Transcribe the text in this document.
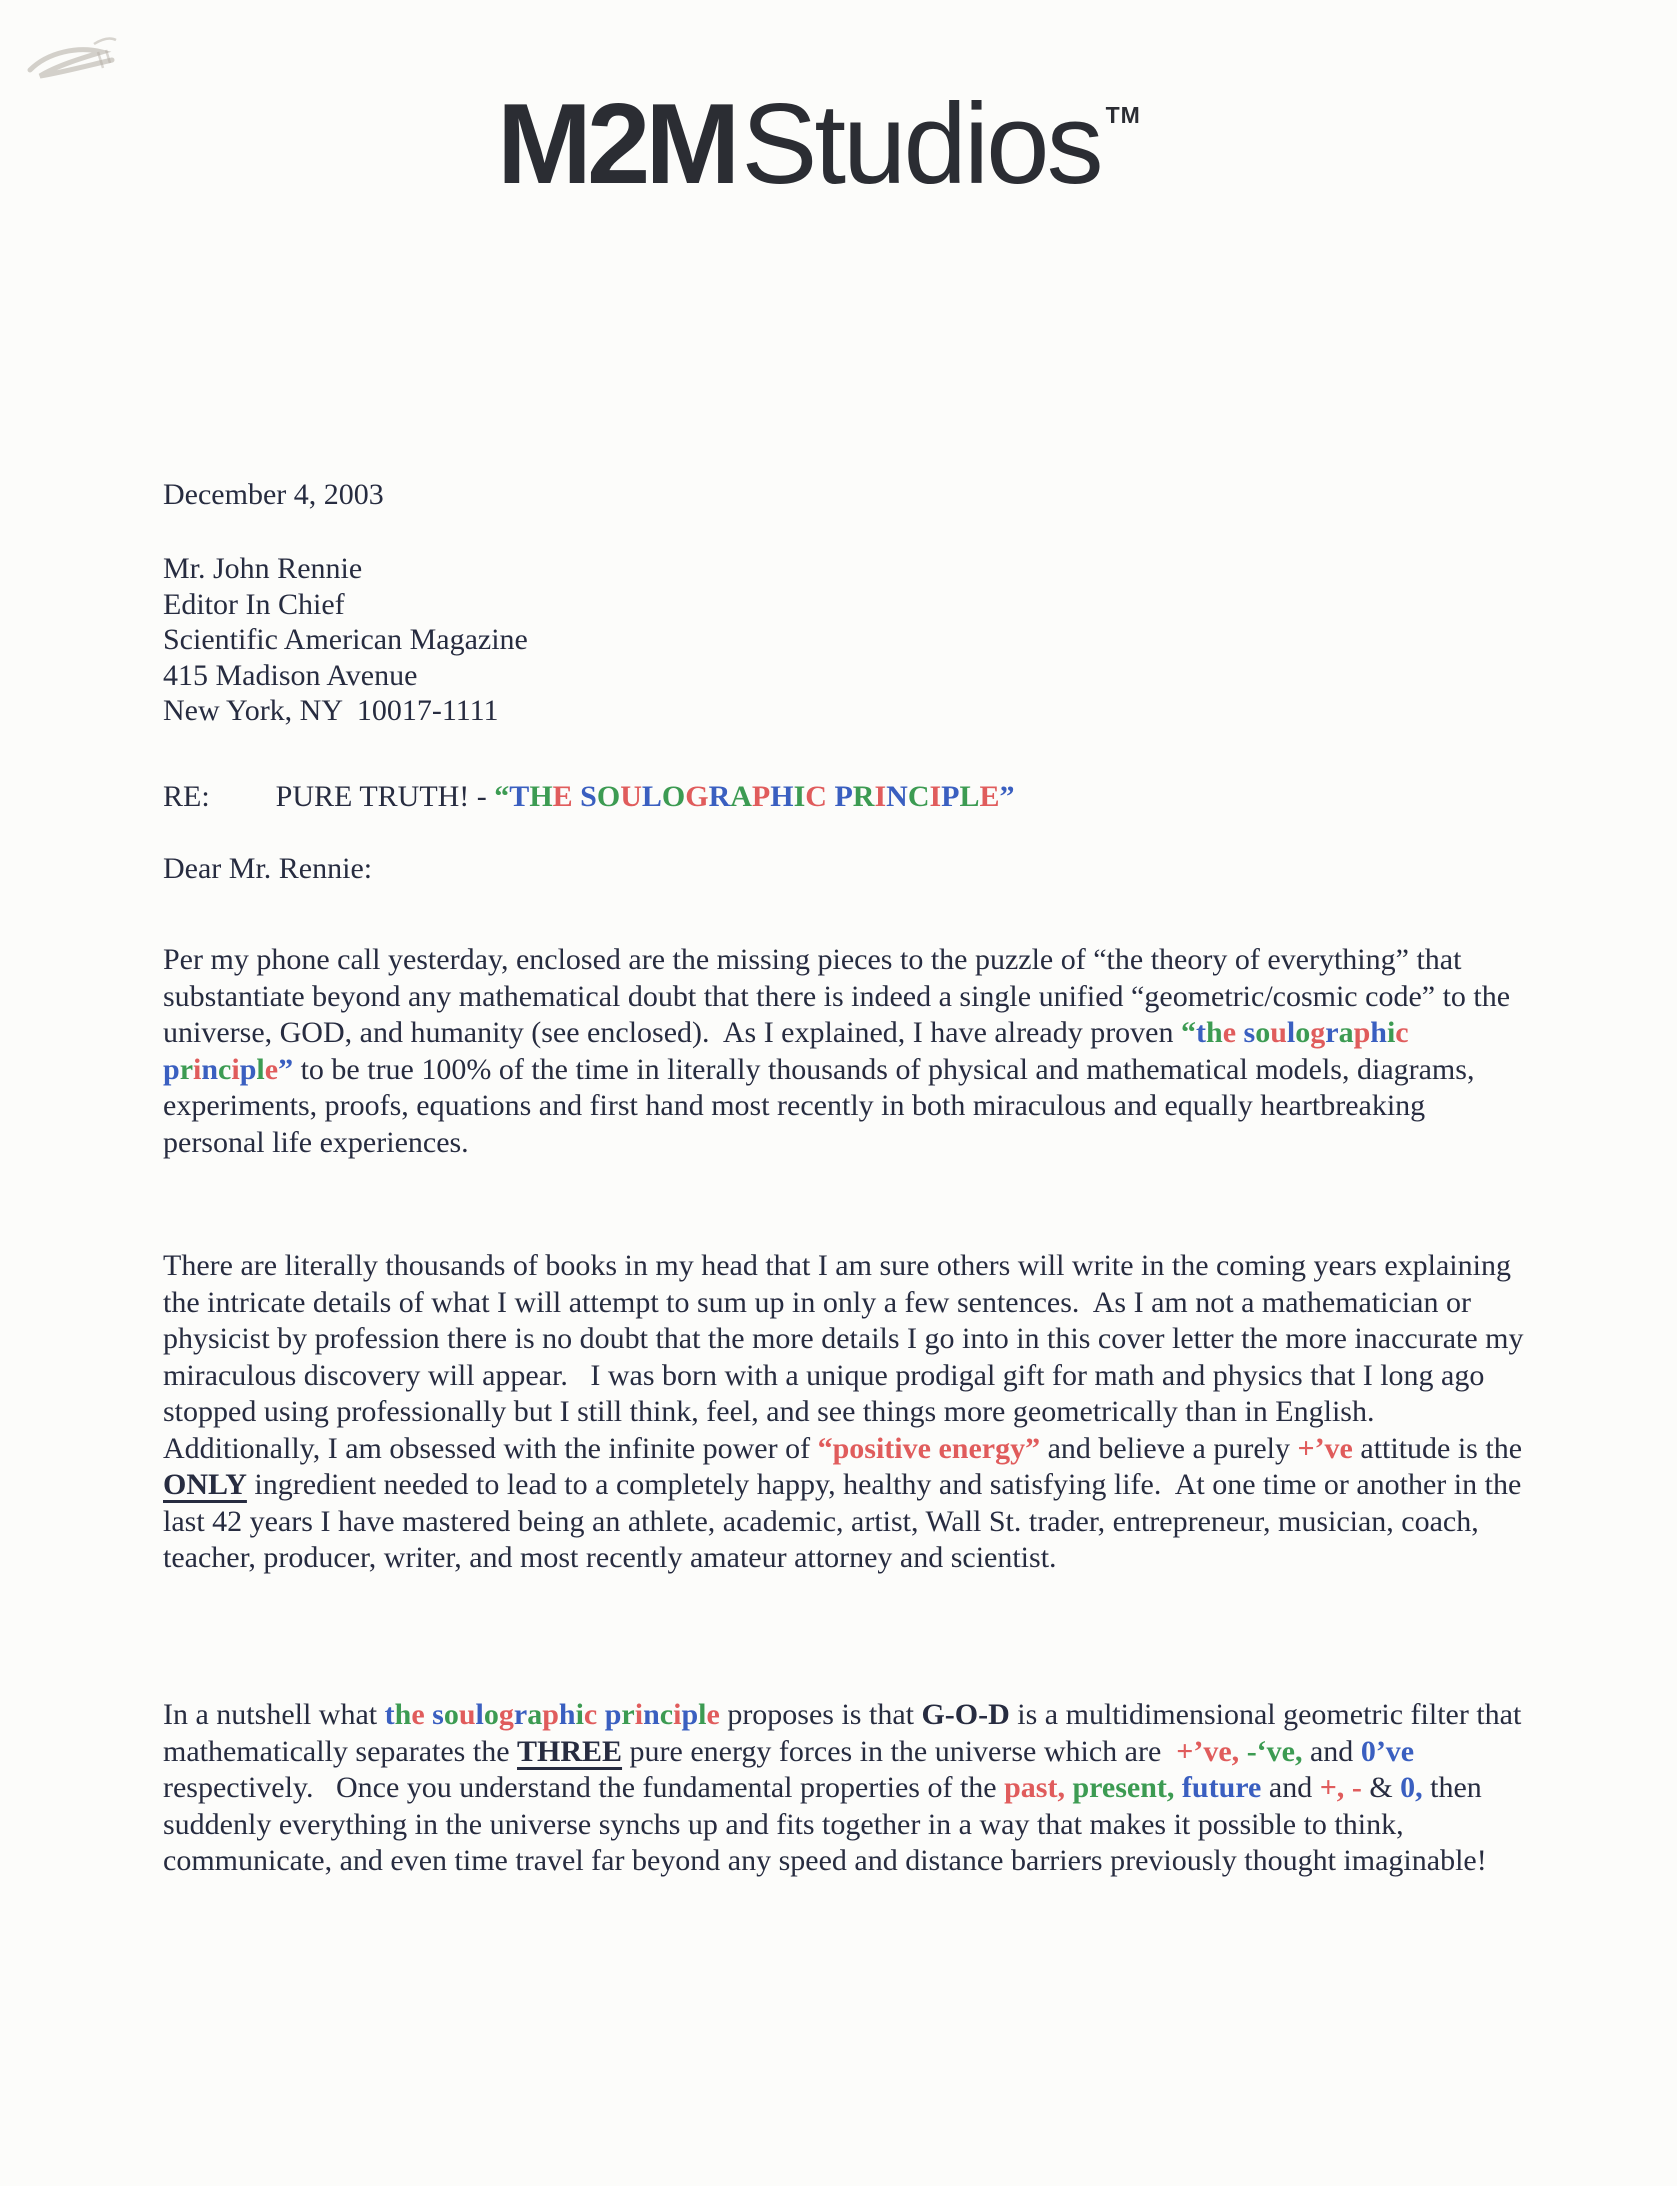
M2MStudios ™
December 4, 2003
Mr. John Rennie
Editor In Chief
Scientific American Magazine
415 Madison Avenue
New York, NY  10017-1111
RE: PURE TRUTH! - “THE SOULOGRAPHIC PRINCIPLE”
Dear Mr. Rennie:
Per my phone call yesterday, enclosed are the missing pieces to the puzzle of “the theory of everything” that substantiate beyond any mathematical doubt that there is indeed a single unified “geometric/cosmic code” to the universe, GOD, and humanity (see enclosed).  As I explained, I have already proven “the soulographic principle” to be true 100% of the time in literally thousands of physical and mathematical models, diagrams, experiments, proofs, equations and first hand most recently in both miraculous and equally heartbreaking personal life experiences.
There are literally thousands of books in my head that I am sure others will write in the coming years explaining the intricate details of what I will attempt to sum up in only a few sentences.  As I am not a mathematician or physicist by profession there is no doubt that the more details I go into in this cover letter the more inaccurate my miraculous discovery will appear.   I was born with a unique prodigal gift for math and physics that I long ago stopped using professionally but I still think, feel, and see things more geometrically than in English.  Additionally, I am obsessed with the infinite power of “positive energy” and believe a purely +’ve attitude is the ONLY ingredient needed to lead to a completely happy, healthy and satisfying life.  At one time or another in the last 42 years I have mastered being an athlete, academic, artist, Wall St. trader, entrepreneur, musician, coach, teacher, producer, writer, and most recently amateur attorney and scientist.
In a nutshell what the soulographic principle proposes is that G-O-D is a multidimensional geometric filter that mathematically separates the THREE pure energy forces in the universe which are  +’ve, -‘ve, and 0’ve respectively.   Once you understand the fundamental properties of the past, present, future and +, - & 0, then suddenly everything in the universe synchs up and fits together in a way that makes it possible to think, communicate, and even time travel far beyond any speed and distance barriers previously thought imaginable!
